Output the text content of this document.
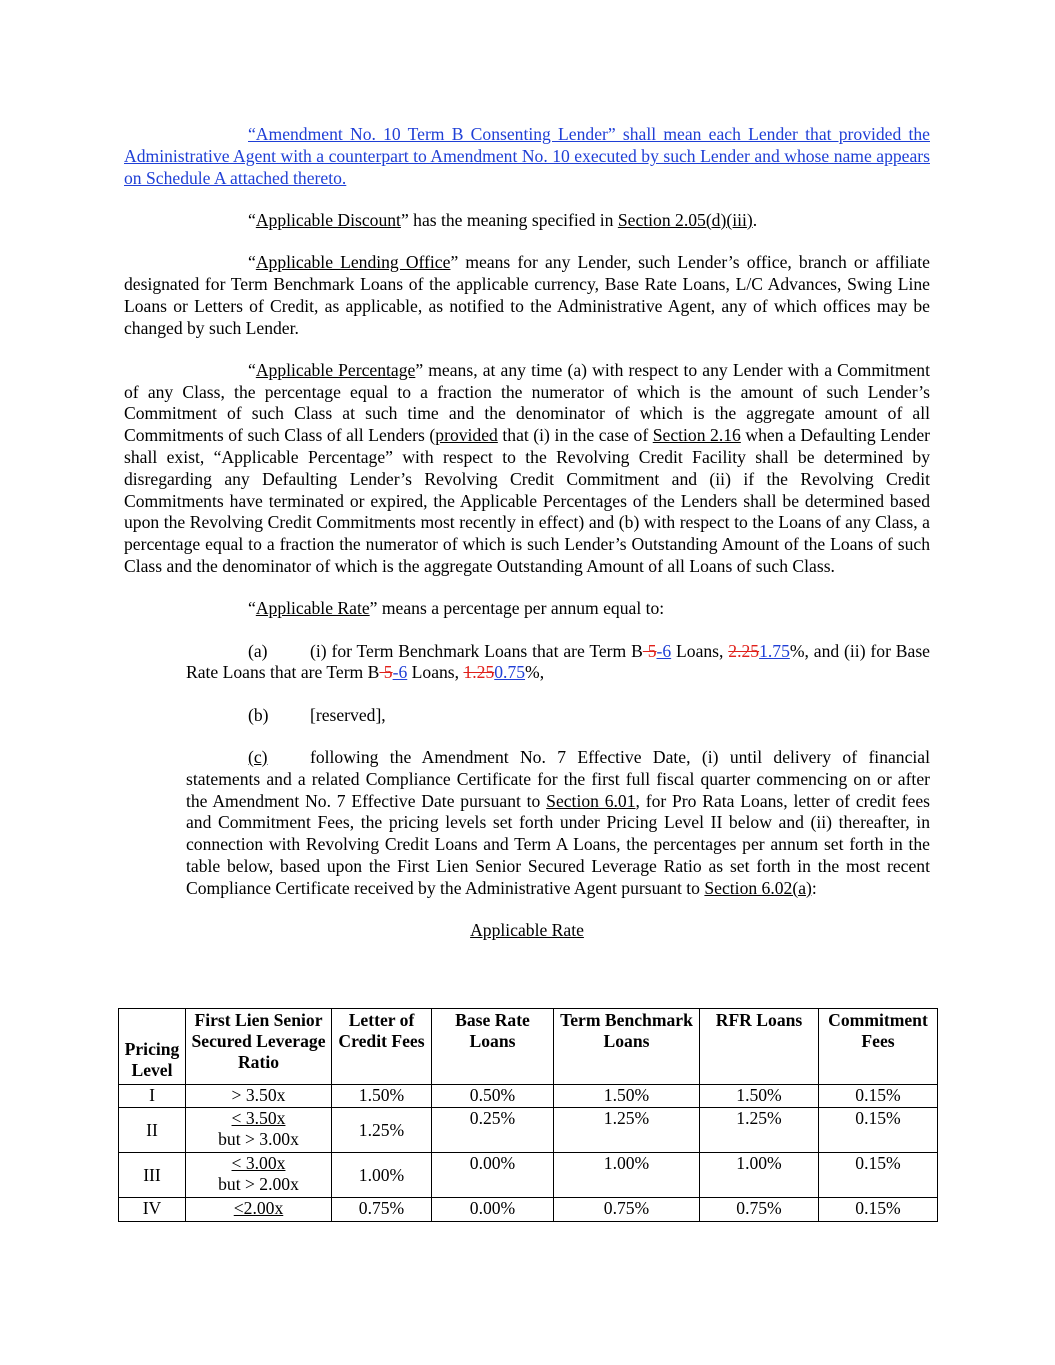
“Amendment No. 10 Term B Consenting Lender” shall mean each Lender that provided the Administrative Agent with a counterpart to Amendment No. 10 executed by such Lender and whose name appears on Schedule A attached thereto.

“Applicable Discount” has the meaning specified in Section 2.05(d)(iii).

“Applicable Lending Office” means for any Lender, such Lender’s office, branch or affiliate designated for Term Benchmark Loans of the applicable currency, Base Rate Loans, L/C Advances, Swing Line Loans or Letters of Credit, as applicable, as notified to the Administrative Agent, any of which offices may be changed by such Lender.

“Applicable Percentage” means, at any time (a) with respect to any Lender with a Commitment of any Class, the percentage equal to a fraction the numerator of which is the amount of such Lender’s Commitment of such Class at such time and the denominator of which is the aggregate amount of all Commitments of such Class of all Lenders (provided that (i) in the case of Section 2.16 when a Defaulting Lender shall exist, “Applicable Percentage” with respect to the Revolving Credit Facility shall be determined by disregarding any Defaulting Lender’s Revolving Credit Commitment and (ii) if the Revolving Credit Commitments have terminated or expired, the Applicable Percentages of the Lenders shall be determined based upon the Revolving Credit Commitments most recently in effect) and (b) with respect to the Loans of any Class, a percentage equal to a fraction the numerator of which is such Lender’s Outstanding Amount of the Loans of such Class and the denominator of which is the aggregate Outstanding Amount of all Loans of such Class.

“Applicable Rate” means a percentage per annum equal to:

(a) (i) for Term Benchmark Loans that are Term B 5-6 Loans, 2.251.75%, and (ii) for Base Rate Loans that are Term B 5-6 Loans, 1.250.75%,

(b) [reserved],

(c) following the Amendment No. 7 Effective Date, (i) until delivery of financial statements and a related Compliance Certificate for the first full fiscal quarter commencing on or after the Amendment No. 7 Effective Date pursuant to Section 6.01, for Pro Rata Loans, letter of credit fees and Commitment Fees, the pricing levels set forth under Pricing Level II below and (ii) thereafter, in connection with Revolving Credit Loans and Term A Loans, the percentages per annum set forth in the table below, based upon the First Lien Senior Secured Leverage Ratio as set forth in the most recent Compliance Certificate received by the Administrative Agent pursuant to Section 6.02(a):

Applicable Rate

Pricing Level	First Lien Senior Secured Leverage Ratio	Letter of Credit Fees	Base Rate Loans	Term Benchmark Loans	RFR Loans	Commitment Fees
I	> 3.50x	1.50%	0.50%	1.50%	1.50%	0.15%
II	< 3.50x
but > 3.00x	1.25%	0.25%	1.25%	1.25%	0.15%
III	< 3.00x
but > 2.00x	1.00%	0.00%	1.00%	1.00%	0.15%
IV	<2.00x	0.75%	0.00%	0.75%	0.75%	0.15%
